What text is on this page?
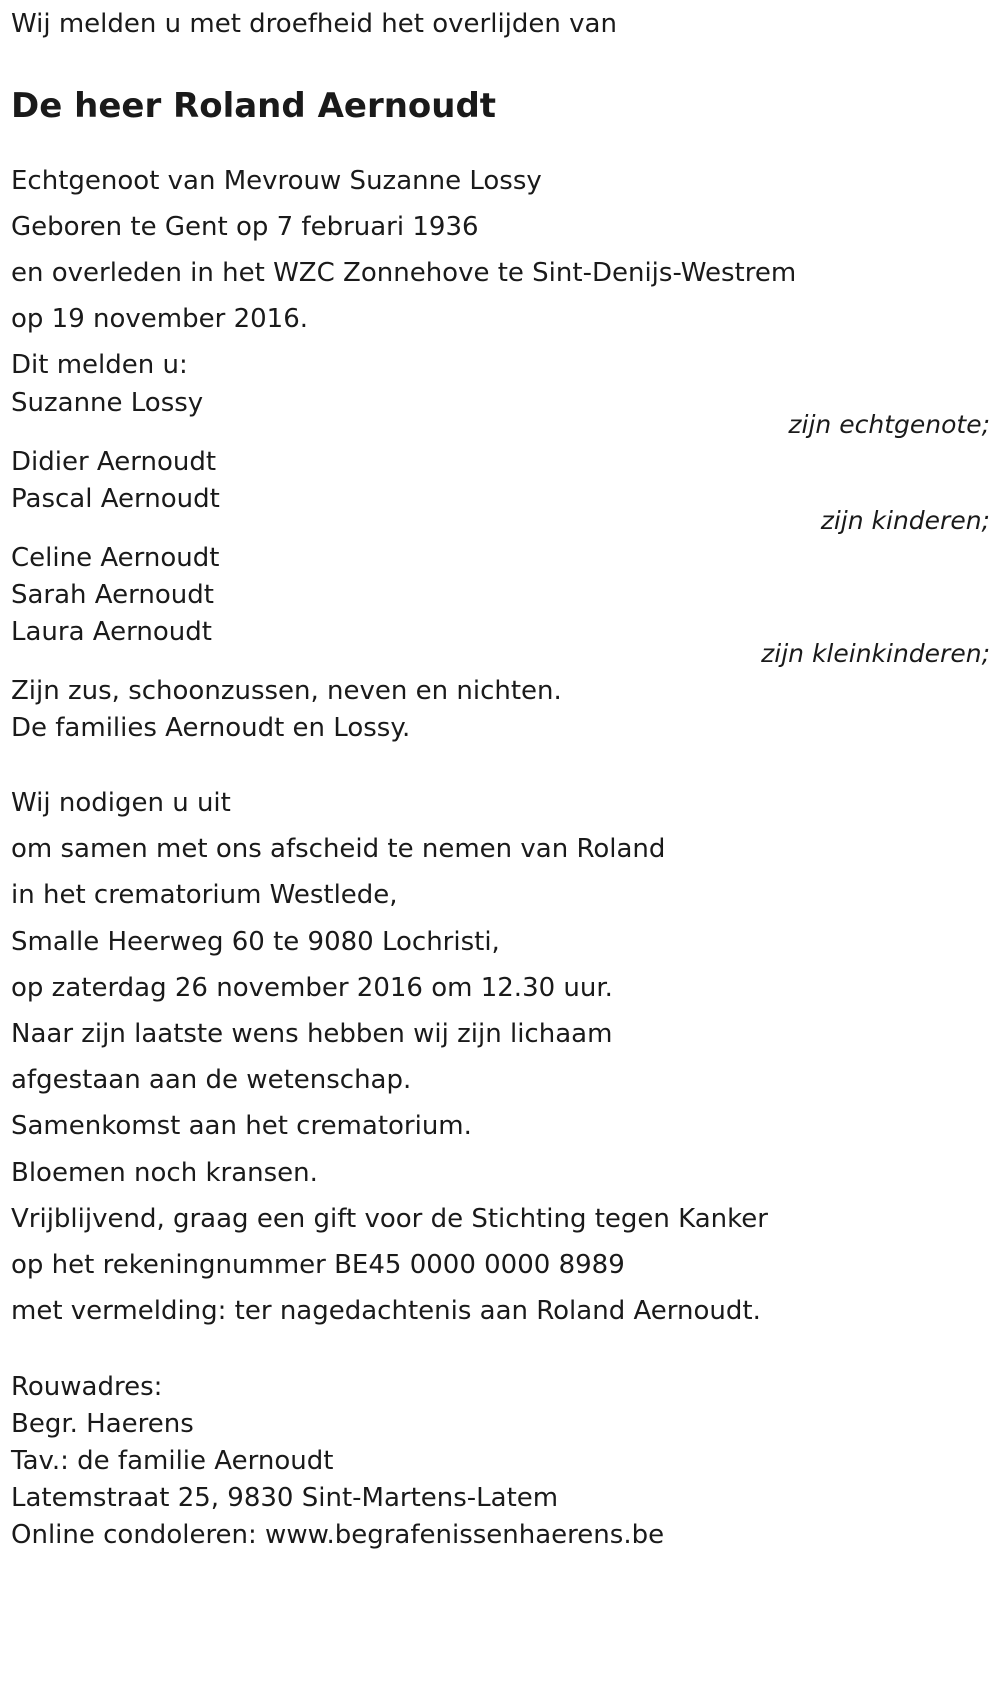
Wij melden u met droefheid het overlijden van
De heer Roland Aernoudt
Echtgenoot van Mevrouw Suzanne Lossy
Geboren te Gent op 7 februari 1936
en overleden in het WZC Zonnehove te Sint-Denijs-Westrem
op 19 november 2016.
Dit melden u:
Suzanne Lossy
zijn echtgenote;
Didier Aernoudt
Pascal Aernoudt
zijn kinderen;
Celine Aernoudt
Sarah Aernoudt
Laura Aernoudt
zijn kleinkinderen;
Zijn zus, schoonzussen, neven en nichten.
De families Aernoudt en Lossy.
Wij nodigen u uit
om samen met ons afscheid te nemen van Roland
in het crematorium Westlede,
Smalle Heerweg 60 te 9080 Lochristi,
op zaterdag 26 november 2016 om 12.30 uur.
Naar zijn laatste wens hebben wij zijn lichaam
afgestaan aan de wetenschap.
Samenkomst aan het crematorium.
Bloemen noch kransen.
Vrijblijvend, graag een gift voor de Stichting tegen Kanker
op het rekeningnummer BE45 0000 0000 8989
met vermelding: ter nagedachtenis aan Roland Aernoudt.
Rouwadres:
Begr. Haerens
Tav.: de familie Aernoudt
Latemstraat 25, 9830 Sint-Martens-Latem
Online condoleren: www.begrafenissenhaerens.be
